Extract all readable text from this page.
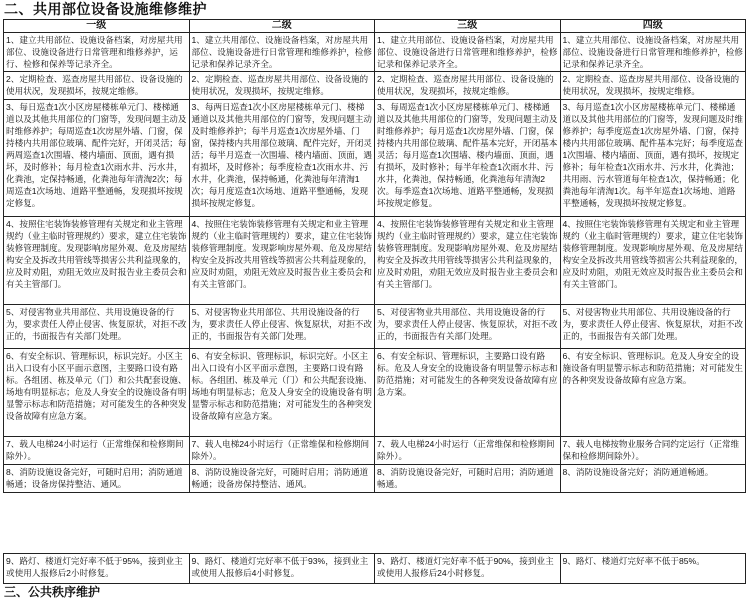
二、共用部位设备设施维修维护
一级	二级	三级	四级
1、建立共用部位、设施设备档案，对房屋共用部位、设施设备进行日常管理和维修养护，运行、检修和保养等记录齐全。	1、建立共用部位、设施设备档案，对房屋共用部位、设施设备进行日常管理和维修养护，检修记录和保养记录齐全。	1、建立共用部位、设施设备档案，对房屋共用部位、设施设备进行日常管理和维修养护，检修记录和保养记录齐全。	1、建立共用部位、设施设备档案，对房屋共用部位、设施设备进行日常管理和维修养护，检修记录和保养记录齐全。
2、定期检查、巡查房屋共用部位、设备设施的使用状况，发现损坏，按规定维修。	2、定期检查、巡查房屋共用部位、设备设施的使用状况，发现损坏，按规定维修。	2、定期检查、巡查房屋共用部位、设备设施的使用状况，发现损坏，按规定维修。	2、定期检查、巡查房屋共用部位、设备设施的使用状况，发现损坏，按规定维修。
3、每日巡查1次小区房屋楼栋单元门、楼梯通道以及其他共用部位的门窗等，发现问题主动及时维修养护；每周巡查1次房屋外墙、门窗，保持楼内共用部位玻璃、配件完好，开闭灵活；每两周巡查1次围墙、楼内墙面、顶面，遇有损坏，及时修补；每月检查1次雨水井、污水井，化粪池，定保持畅通，化粪池每年清淘2次；每周巡查1次场地、道路平整通畅，发现损坏按规定修复。	3、每两日巡查1次小区房屋楼栋单元门、楼梯通道以及其他共用部位的门窗等，发现问题主动及时维修养护；每半月巡查1次房屋外墙、门窗，保持楼内共用部位玻璃、配件完好，开闭灵活；每半月巡查一次围墙、楼内墙面、顶面，遇有损坏，及时修补；每季度检查1次雨水井、污水井，化粪池，保持畅通，化粪池每年清淘1次；每月度巡查1次场地、道路平整通畅，发现损坏按规定修复。	3、每周巡查1次小区房屋楼栋单元门、楼梯通道以及其他共用部位的门窗等，发现问题主动及时维修养护；每月巡查1次房屋外墙、门窗，保持楼内共用部位玻璃、配件基本完好，开闭基本灵活；每月巡查1次围墙、楼内墙面、顶面，遇有损坏，及时修补；每半年检查1次雨水井、污水井，化粪池，保持畅通，化粪池每年清淘2次。每季巡查1次场地、道路平整通畅，发现损坏按规定修复。	3、每月巡查1次小区房屋楼栋单元门、楼梯通道以及其他共用部位的门窗等，发现问题及时维修养护；每季度巡查1次房屋外墙、门窗，保持楼内共用部位玻璃、配件基本完好；每季度巡查1次围墙、楼内墙面、顶面，遇有损坏，按规定修补；每年检查1次雨水井、污水井，化粪池；共用雨、污水管道每年检查1次，保持畅通；化粪池每年清淘1次。每半年巡查1次场地、道路平整通畅，发现损坏按规定修复。
4、按照住宅装饰装修管理有关规定和业主管理规约（业主临时管理规约）要求，建立住宅装饰装修管理制度。发现影响房屋外观、危及房屋结构安全及拆改共用管线等损害公共利益现象的，应及时劝阻，劝阻无效应及时报告业主委员会和有关主管部门。	4、按照住宅装饰装修管理有关规定和业主管理规约（业主临时管理规约）要求，建立住宅装饰装修管理制度。发现影响房屋外观、危及房屋结构安全及拆改共用管线等损害公共利益现象的，应及时劝阻，劝阻无效应及时报告业主委员会和有关主管部门。	4、按照住宅装饰装修管理有关规定和业主管理规约（业主临时管理规约）要求，建立住宅装饰装修管理制度。发现影响房屋外观、危及房屋结构安全及拆改共用管线等损害公共利益现象的，应及时劝阻，劝阻无效应及时报告业主委员会和有关主管部门。	4、按照住宅装饰装修管理有关规定和业主管理规约（业主临时管理规约）要求，建立住宅装饰装修管理制度。发现影响房屋外观、危及房屋结构安全及拆改共用管线等损害公共利益现象的，应及时劝阻，劝阻无效应及时报告业主委员会和有关主管部门。
5、对侵害物业共用部位、共用设施设备的行为，要求责任人停止侵害、恢复原状，对拒不改正的，书面报告有关部门处理。	5、对侵害物业共用部位、共用设施设备的行为，要求责任人停止侵害、恢复原状，对拒不改正的，书面报告有关部门处理。	5、对侵害物业共用部位、共用设施设备的行为，要求责任人停止侵害、恢复原状，对拒不改正的，书面报告有关部门处理。	5、对侵害物业共用部位、共用设施设备的行为，要求责任人停止侵害、恢复原状，对拒不改正的，书面报告有关部门处理。
6、有安全标识、管理标识，标识完好。小区主出入口设有小区平面示意图，主要路口设有路标。各组团、栋及单元（门）和公共配套设施、场地有明显标志；危及人身安全的设施设备有明显警示标志和防范措施；对可能发生的各种突发设备故障有应急方案。	6、有安全标识、管理标识，标识完好。小区主出入口设有小区平面示意图，主要路口设有路标。各组团、栋及单元（门）和公共配套设施、场地有明显标志；危及人身安全的设施设备有明显警示标志和防范措施；对可能发生的各种突发设备故障有应急方案。	6、有安全标识、管理标识，主要路口设有路标。危及人身安全的设施设备有明显警示标志和防范措施；对可能发生的各种突发设备故障有应急方案。	6、有安全标识、管理标识。危及人身安全的设施设备有明显警示标志和防范措施；对可能发生的各种突发设备故障有应急方案。
7、载人电梯24小时运行（正常维保和检修期间除外）。	7、载人电梯24小时运行（正常维保和检修期间除外）。	7、载人电梯24小时运行（正常维保和检修期间除外）。	7、载人电梯按物业服务合同约定运行（正常维保和检修期间除外）。
8、消防设施设备完好，可随时启用；消防通道畅通；设备房保持整洁、通风。	8、消防设施设备完好，可随时启用；消防通道畅通；设备房保持整洁、通风。	8、消防设施设备完好，可随时启用；消防通道畅通。	8、消防设施设备完好；消防通道畅通。
9、路灯、楼道灯完好率不低于95%，接到业主或使用人报修后2小时修复。	9、路灯、楼道灯完好率不低于93%，接到业主或使用人报修后4小时修复。	9、路灯、楼道灯完好率不低于90%，接到业主或使用人报修后24小时修复。	9、路灯、楼道灯完好率不低于85%。
三、公共秩序维护
